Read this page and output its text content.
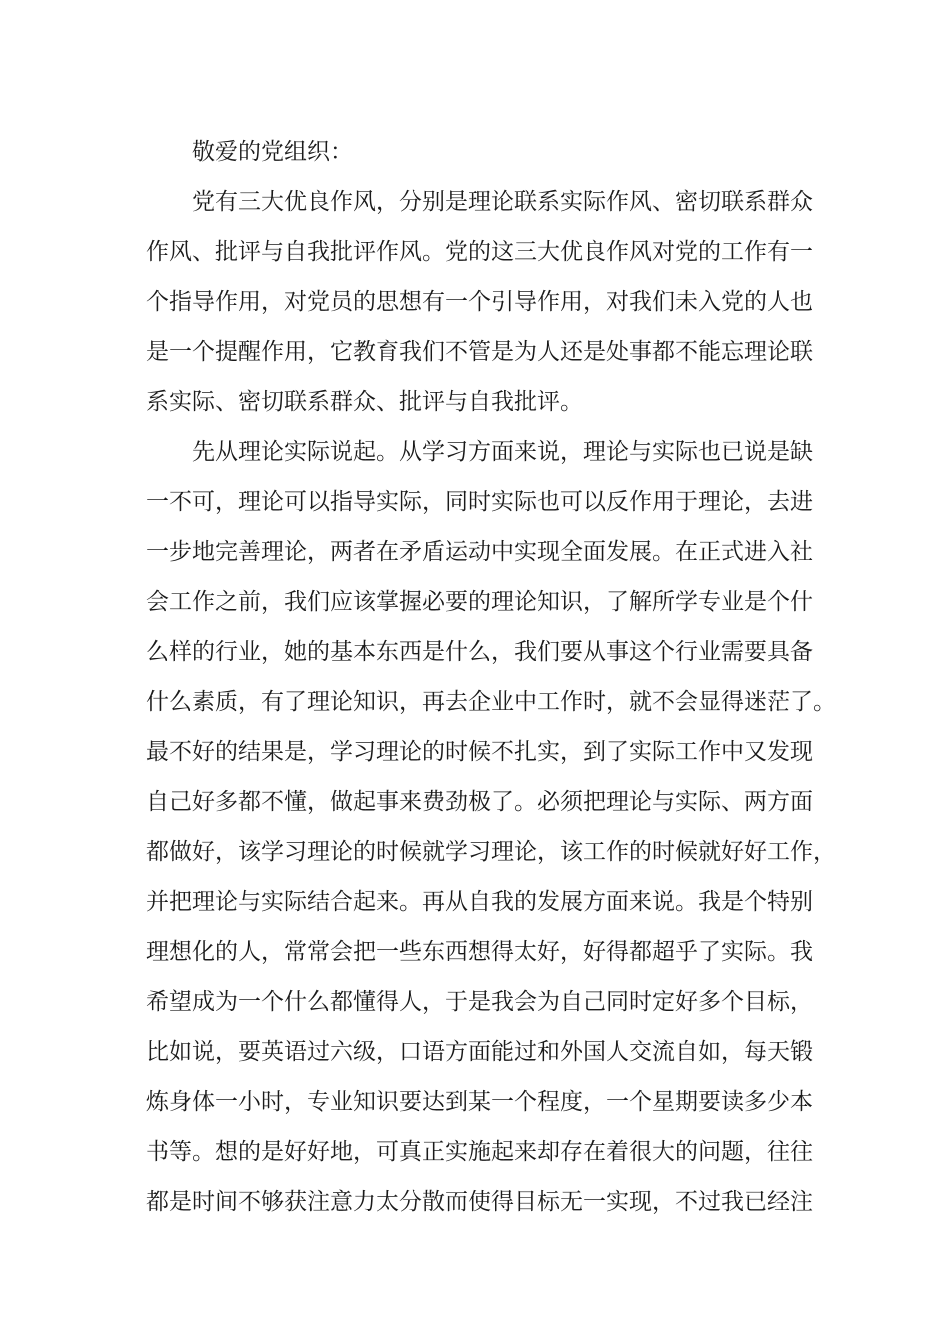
敬爱的党组织：
党有三大优良作风，分别是理论联系实际作风、密切联系群众
作风、批评与自我批评作风。党的这三大优良作风对党的工作有一
个指导作用，对党员的思想有一个引导作用，对我们未入党的人也
是一个提醒作用，它教育我们不管是为人还是处事都不能忘理论联
系实际、密切联系群众、批评与自我批评。
先从理论实际说起。从学习方面来说，理论与实际也已说是缺
一不可，理论可以指导实际，同时实际也可以反作用于理论，去进
一步地完善理论，两者在矛盾运动中实现全面发展。在正式进入社
会工作之前，我们应该掌握必要的理论知识，了解所学专业是个什
么样的行业，她的基本东西是什么，我们要从事这个行业需要具备
什么素质，有了理论知识，再去企业中工作时，就不会显得迷茫了。
最不好的结果是，学习理论的时候不扎实，到了实际工作中又发现
自己好多都不懂，做起事来费劲极了。必须把理论与实际、两方面
都做好，该学习理论的时候就学习理论，该工作的时候就好好工作，
并把理论与实际结合起来。再从自我的发展方面来说。我是个特别
理想化的人，常常会把一些东西想得太好，好得都超乎了实际。我
希望成为一个什么都懂得人，于是我会为自己同时定好多个目标，
比如说，要英语过六级，口语方面能过和外国人交流自如，每天锻
炼身体一小时，专业知识要达到某一个程度，一个星期要读多少本
书等。想的是好好地，可真正实施起来却存在着很大的问题，往往
都是时间不够获注意力太分散而使得目标无一实现，不过我已经注
